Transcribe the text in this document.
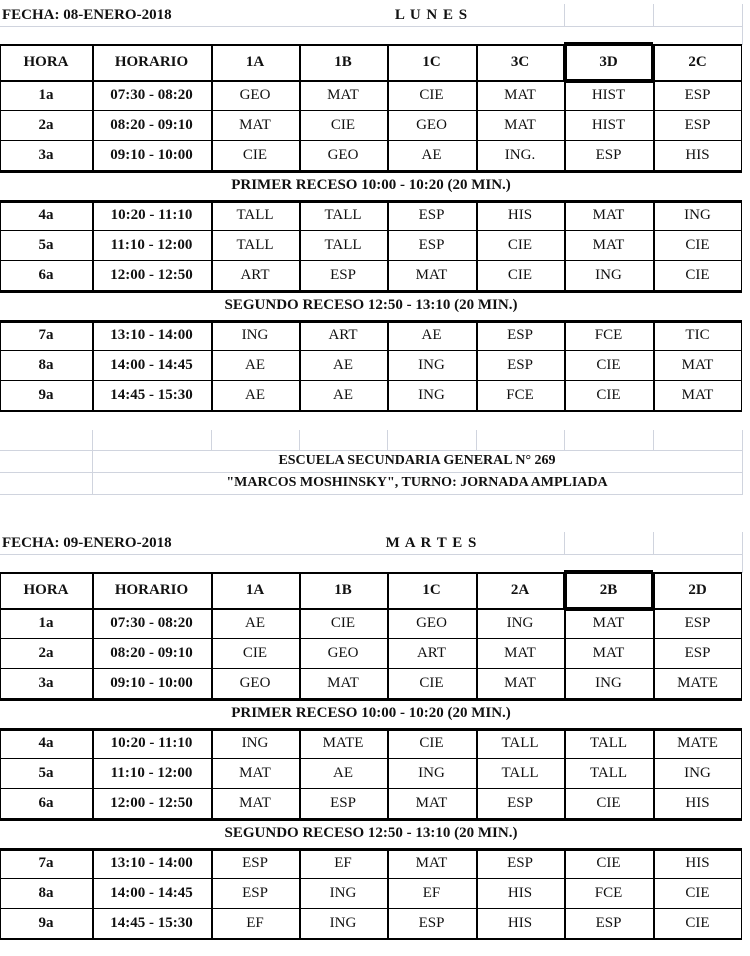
FECHA: 08-ENERO-2018	L U N E S
HORA	HORARIO	1A	1B	1C	3C	3D	2C
1a	07:30 - 08:20	GEO	MAT	CIE	MAT	HIST	ESP
2a	08:20 - 09:10	MAT	CIE	GEO	MAT	HIST	ESP
3a	09:10 - 10:00	CIE	GEO	AE	ING.	ESP	HIS
4a	10:20 - 11:10	TALL	TALL	ESP	HIS	MAT	ING
5a	11:10 - 12:00	TALL	TALL	ESP	CIE	MAT	CIE
6a	12:00 - 12:50	ART	ESP	MAT	CIE	ING	CIE
7a	13:10 - 14:00	ING	ART	AE	ESP	FCE	TIC
8a	14:00 - 14:45	AE	AE	ING	ESP	CIE	MAT
9a	14:45 - 15:30	AE	AE	ING	FCE	CIE	MAT
PRIMER RECESO 10:00 - 10:20 (20 MIN.)
SEGUNDO RECESO 12:50 - 13:10 (20 MIN.)
ESCUELA SECUNDARIA GENERAL N° 269
"MARCOS MOSHINSKY", TURNO: JORNADA AMPLIADA
FECHA: 09-ENERO-2018	M A R T E S
HORA	HORARIO	1A	1B	1C	2A	2B	2D
1a	07:30 - 08:20	AE	CIE	GEO	ING	MAT	ESP
2a	08:20 - 09:10	CIE	GEO	ART	MAT	MAT	ESP
3a	09:10 - 10:00	GEO	MAT	CIE	MAT	ING	MATE
4a	10:20 - 11:10	ING	MATE	CIE	TALL	TALL	MATE
5a	11:10 - 12:00	MAT	AE	ING	TALL	TALL	ING
6a	12:00 - 12:50	MAT	ESP	MAT	ESP	CIE	HIS
7a	13:10 - 14:00	ESP	EF	MAT	ESP	CIE	HIS
8a	14:00 - 14:45	ESP	ING	EF	HIS	FCE	CIE
9a	14:45 - 15:30	EF	ING	ESP	HIS	ESP	CIE
PRIMER RECESO 10:00 - 10:20 (20 MIN.)
SEGUNDO RECESO 12:50 - 13:10 (20 MIN.)
